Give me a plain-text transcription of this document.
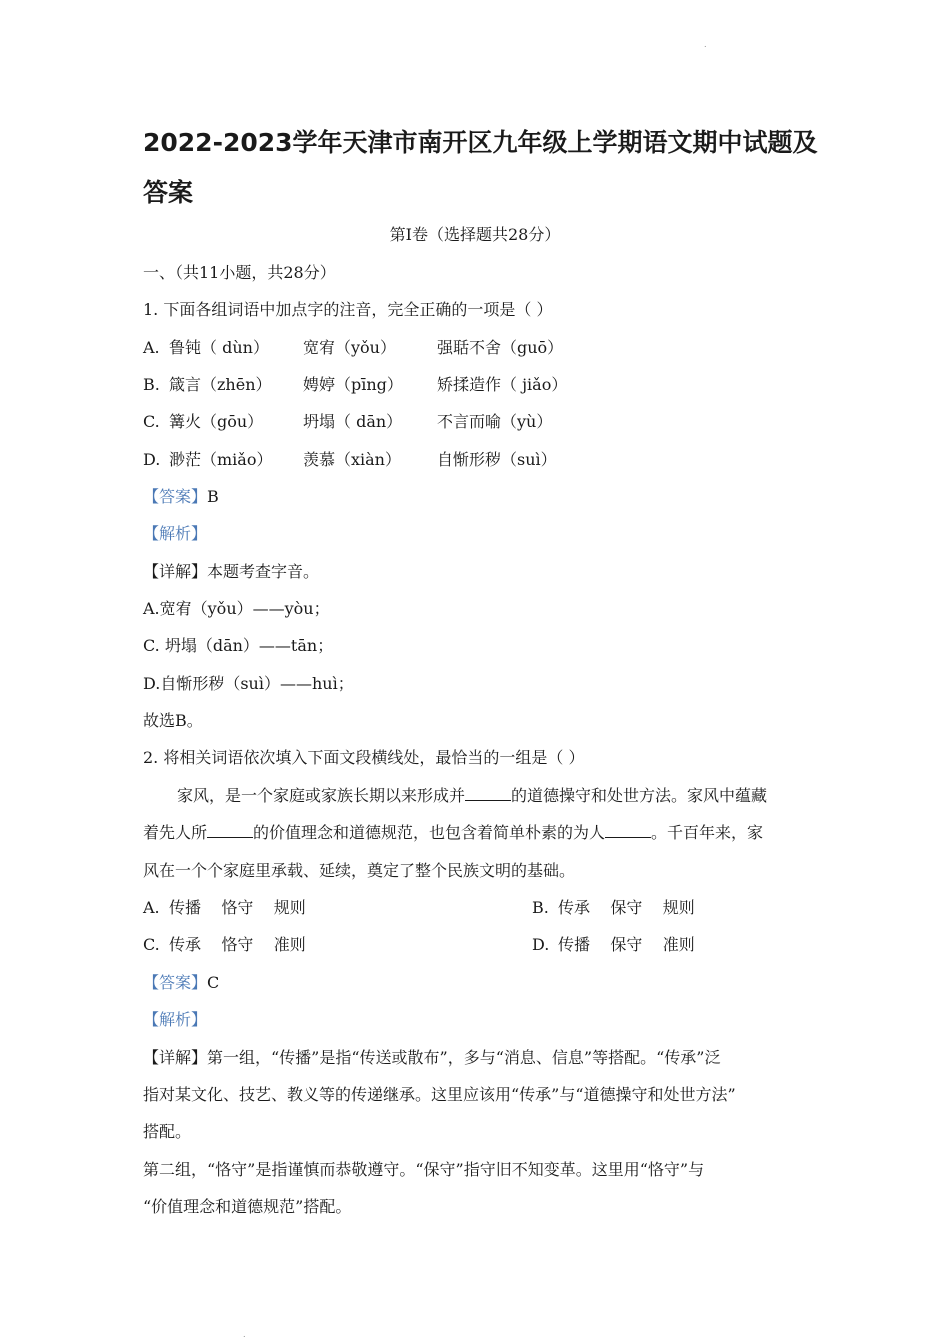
.
2022-2023学年天津市南开区九年级上学期语文期中试题及
答案
第Ⅰ卷（选择题共28分）
一、（共11小题，共28分）
1. 下面各组词语中加点字的注音，完全正确的一项是（ ）
A. 鲁钝（ dùn） 宽宥（yǒu）	强聒不舍（guō）
B. 箴言（zhēn） 娉婷（pīng） 矫揉造作（ jiǎo）
C. 篝火（gōu） 坍塌（ dān） 不言而喻（yù）
D. 渺茫（miǎo） 羡慕（xiàn） 自惭形秽（suì）
【答案】B
【解析】
【详解】本题考查字音。
A.宽宥（yǒu）——yòu；
C. 坍塌（dān）——tān；
D.自惭形秽（suì）——huì；
故选B。
2. 将相关词语依次填入下面文段横线处，最恰当的一组是（ ）
家风，是一个家庭或家族长期以来形成并	的道德操守和处世方法。家风中蕴藏
着先人所	的价值理念和道德规范，也包含着简单朴素的为人	。千百年来，家
风在一个个家庭里承载、延续，奠定了整个民族文明的基础。
A. 传播    恪守    规则	B. 传承    保守    规则
C. 传承    恪守    准则	D. 传播    保守    准则
【答案】C
【解析】
【详解】第一组，“传播”是指“传送或散布”，多与“消息、信息”等搭配。“传承”泛
指对某文化、技艺、教义等的传递继承。这里应该用“传承”与“道德操守和处世方法”
搭配。
第二组，“恪守”是指谨慎而恭敬遵守。“保守”指守旧不知变革。这里用“恪守”与
“价值理念和道德规范”搭配。
.
